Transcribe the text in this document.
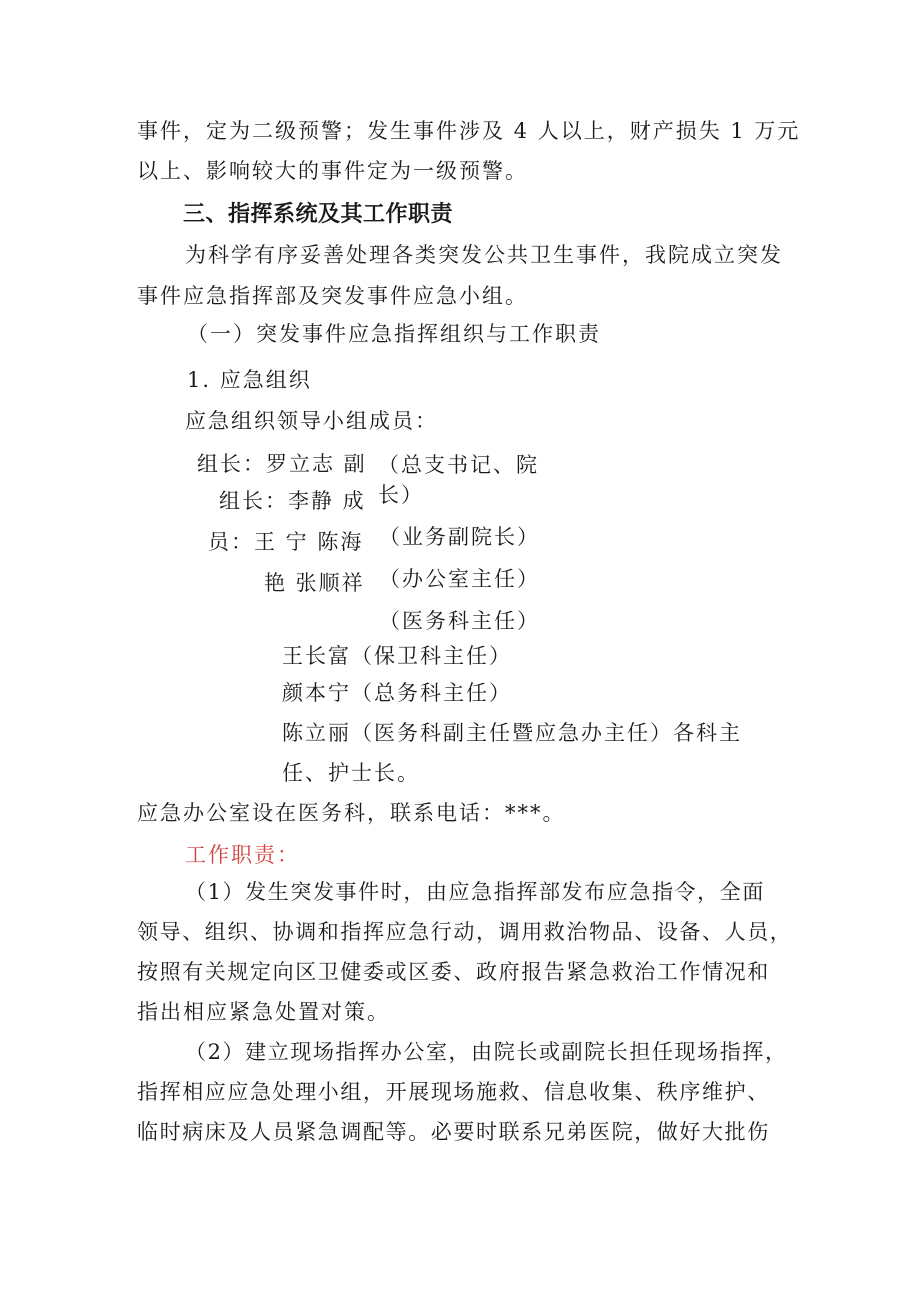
事件，定为二级预警；发生事件涉及 4 人以上，财产损失 1 万元
以上、影响较大的事件定为一级预警。
三、指挥系统及其工作职责
为科学有序妥善处理各类突发公共卫生事件，我院成立突发
事件应急指挥部及突发事件应急小组。
（一）突发事件应急指挥组织与工作职责
1. 应急组织
应急组织领导小组成员：
组长：罗立志 副 （总支书记、院
组长：李静 成 长）
员：王 宁 陈海 （业务副院长）
艳 张顺祥 （办公室主任）
（医务科主任）
王长富（保卫科主任）
颜本宁（总务科主任）
陈立丽（医务科副主任暨应急办主任）各科主
任、护士长。
应急办公室设在医务科，联系电话：***。
工作职责：
（1）发生突发事件时，由应急指挥部发布应急指令，全面
领导、组织、协调和指挥应急行动，调用救治物品、设备、人员，
按照有关规定向区卫健委或区委、政府报告紧急救治工作情况和
指出相应紧急处置对策。
（2）建立现场指挥办公室，由院长或副院长担任现场指挥，
指挥相应应急处理小组，开展现场施救、信息收集、秩序维护、
临时病床及人员紧急调配等。必要时联系兄弟医院，做好大批伤
